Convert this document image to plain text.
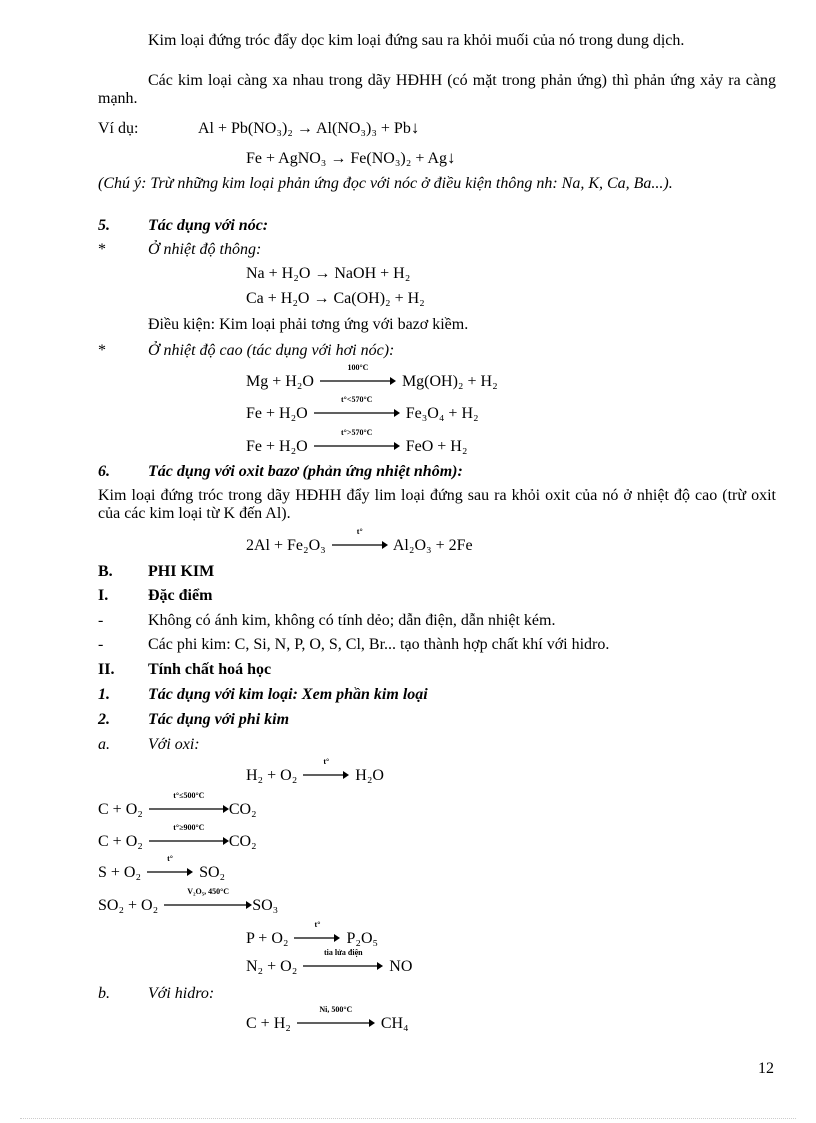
Kim loại đứng tróc đẩy dọc kim loại đứng sau ra khỏi muối của nó trong dung dịch.
Các kim loại càng xa nhau trong dãy HĐHH (có mặt trong phản ứng) thì phản ứng xảy ra càng mạnh.
Ví dụ:	Al + Pb(NO₃)₂ → Al(NO₃)₃ + Pb↓
Fe + AgNO₃ → Fe(NO₃)₂ + Ag↓
(Chú ý: Trừ những kim loại phản ứng đọc với nóc ở điều kiện thông nh: Na, K, Ca, Ba...).
5. Tác dụng với nóc:
*	Ở nhiệt độ thông:
Na + H₂O → NaOH + H₂
Ca + H₂O → Ca(OH)₂ + H₂
Điều kiện: Kim loại phải tơng ứng với bazơ kiềm.
*	Ở nhiệt độ cao (tác dụng với hơi nóc):
Mg + H₂O
100°C
Mg(OH)₂ + H₂
Fe + H₂O
t°<570°C
Fe₃O₄ + H₂
Fe + H₂O
t°>570°C
FeO + H₂
6. Tác dụng với oxit bazơ (phản ứng nhiệt nhôm):
Kim loại đứng tróc trong dãy HĐHH đẩy lim loại đứng sau ra khỏi oxit của nó ở nhiệt độ cao (trừ oxit của các kim loại từ K đến Al).
2Al + Fe₂O₃
t°
Al₂O₃ + 2Fe
B. PHI KIM
I. Đặc điểm
-	Không có ánh kim, không có tính dẻo; dẫn điện, dẫn nhiệt kém.
-	Các phi kim: C, Si, N, P, O, S, Cl, Br... tạo thành hợp chất khí với hidro.
II. Tính chất hoá học
1. Tác dụng với kim loại: Xem phần kim loại
2. Tác dụng với phi kim
a. Với oxi:
H₂ + O₂
t°
H₂O
C + O₂
t°≤500°C
CO₂
C + O₂
t°≥900°C
CO₂
S + O₂
t°
SO₂
SO₂ + O₂
V₂O₅, 450°C
SO₃
P + O₂
t°
P₂O₅
N₂ + O₂
tia lửa điện
NO
b. Với hidro:
C + H₂
Ni, 500°C
CH₄
12
